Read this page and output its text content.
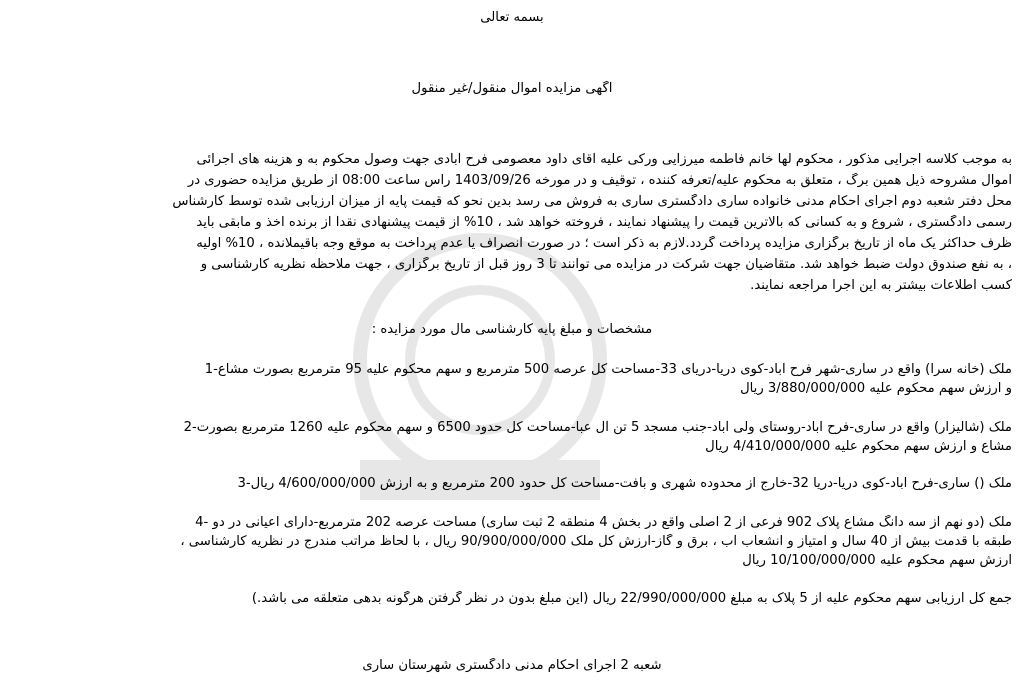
بسمه تعالی
آگهی مزایده اموال منقول/غیر منقول
به موجب کلاسه اجرایی مذکور ، محکوم لها خانم فاطمه میرزایی ورکی علیه آقای داود معصومی فرح آبادی جهت وصول محکوم به و هزینه های اجرائی
اموال مشروحه ذیل همین برگ ، متعلق به محکوم علیه/تعرفه کننده ، توقیف و در مورخه 1403/09/26 راس ساعت 08:00 از طریق مزایده حضوری در
محل دفتر شعبه دوم اجرای احکام مدنی خانواده ساری دادگستری ساری به فروش می رسد بدین نحو که قیمت پایه از میزان ارزیابی شده توسط کارشناس
رسمی دادگستری ، شروع و به کسانی که بالاترین قیمت را پیشنهاد نمایند ، فروخته خواهد شد ، 10% از قیمت پیشنهادی نقداً از برنده اخذ و مابقی باید
ظرف حداکثر یک ماه از تاریخ برگزاری مزایده پرداخت گردد.لازم به ذکر است ؛ در صورت انصراف یا عدم پرداخت به موقع وجه باقیملانده ، 10% اولیه
، به نفع صندوق دولت ضبط خواهد شد. متقاضیان جهت شرکت در مزایده می توانند تا 3 روز قبل از تاریخ برگزاری ، جهت ملاحظه نظریه کارشناسی و
کسب اطلاعات بیشتر به این اجرا مراجعه نمایند.
مشخصات و مبلغ پایه کارشناسی مال مورد مزایده :
ملک (خانه سرا) واقع در ساری-شهر فرح آباد-کوی دریا-دریای 33-مساحت کل عرصه 500 مترمربع و سهم محکوم علیه 95 مترمربع بصورت مشاع-1
و ارزش سهم محکوم علیه 3/880/000/000 ریال
ملک (شالیزار) واقع در ساری-فرح آباد-روستای ولی آباد-جنب مسجد 5 تن آل عبا-مساحت کل حدود 6500 و سهم محکوم علیه 1260 مترمربع بصورت-2
مشاع و ارزش سهم محکوم علیه 4/410/000/000 ریال
ملک () ساری-فرح آباد-کوی دریا-دریا 32-خارج از محدوده شهری و بافت-مساحت کل حدود 200 مترمربع و به ارزش 4/600/000/000 ریال-3
ملک (دو نهم از سه دانگ مشاع پلاک 902 فرعی از 2 اصلی واقع در بخش 4 منطقه 2 ثبت ساری) مساحت عرصه 202 مترمربع-دارای اعیانی در دو -4
طبقه با قدمت بیش از 40 سال و امتیاز و انشعاب آب ، برق و گاز-ارزش کل ملک 90/900/000/000 ریال ، با لحاظ مراتب مندرج در نظریه کارشناسی ،
ارزش سهم محکوم علیه 10/100/000/000 ریال
جمع کل ارزیابی سهم محکوم علیه از 5 پلاک به مبلغ 22/990/000/000 ریال (این مبلغ بدون در نظر گرفتن هرگونه بدهی متعلقه می باشد.)
شعبه 2 اجرای احکام مدنی دادگستری شهرستان ساری
